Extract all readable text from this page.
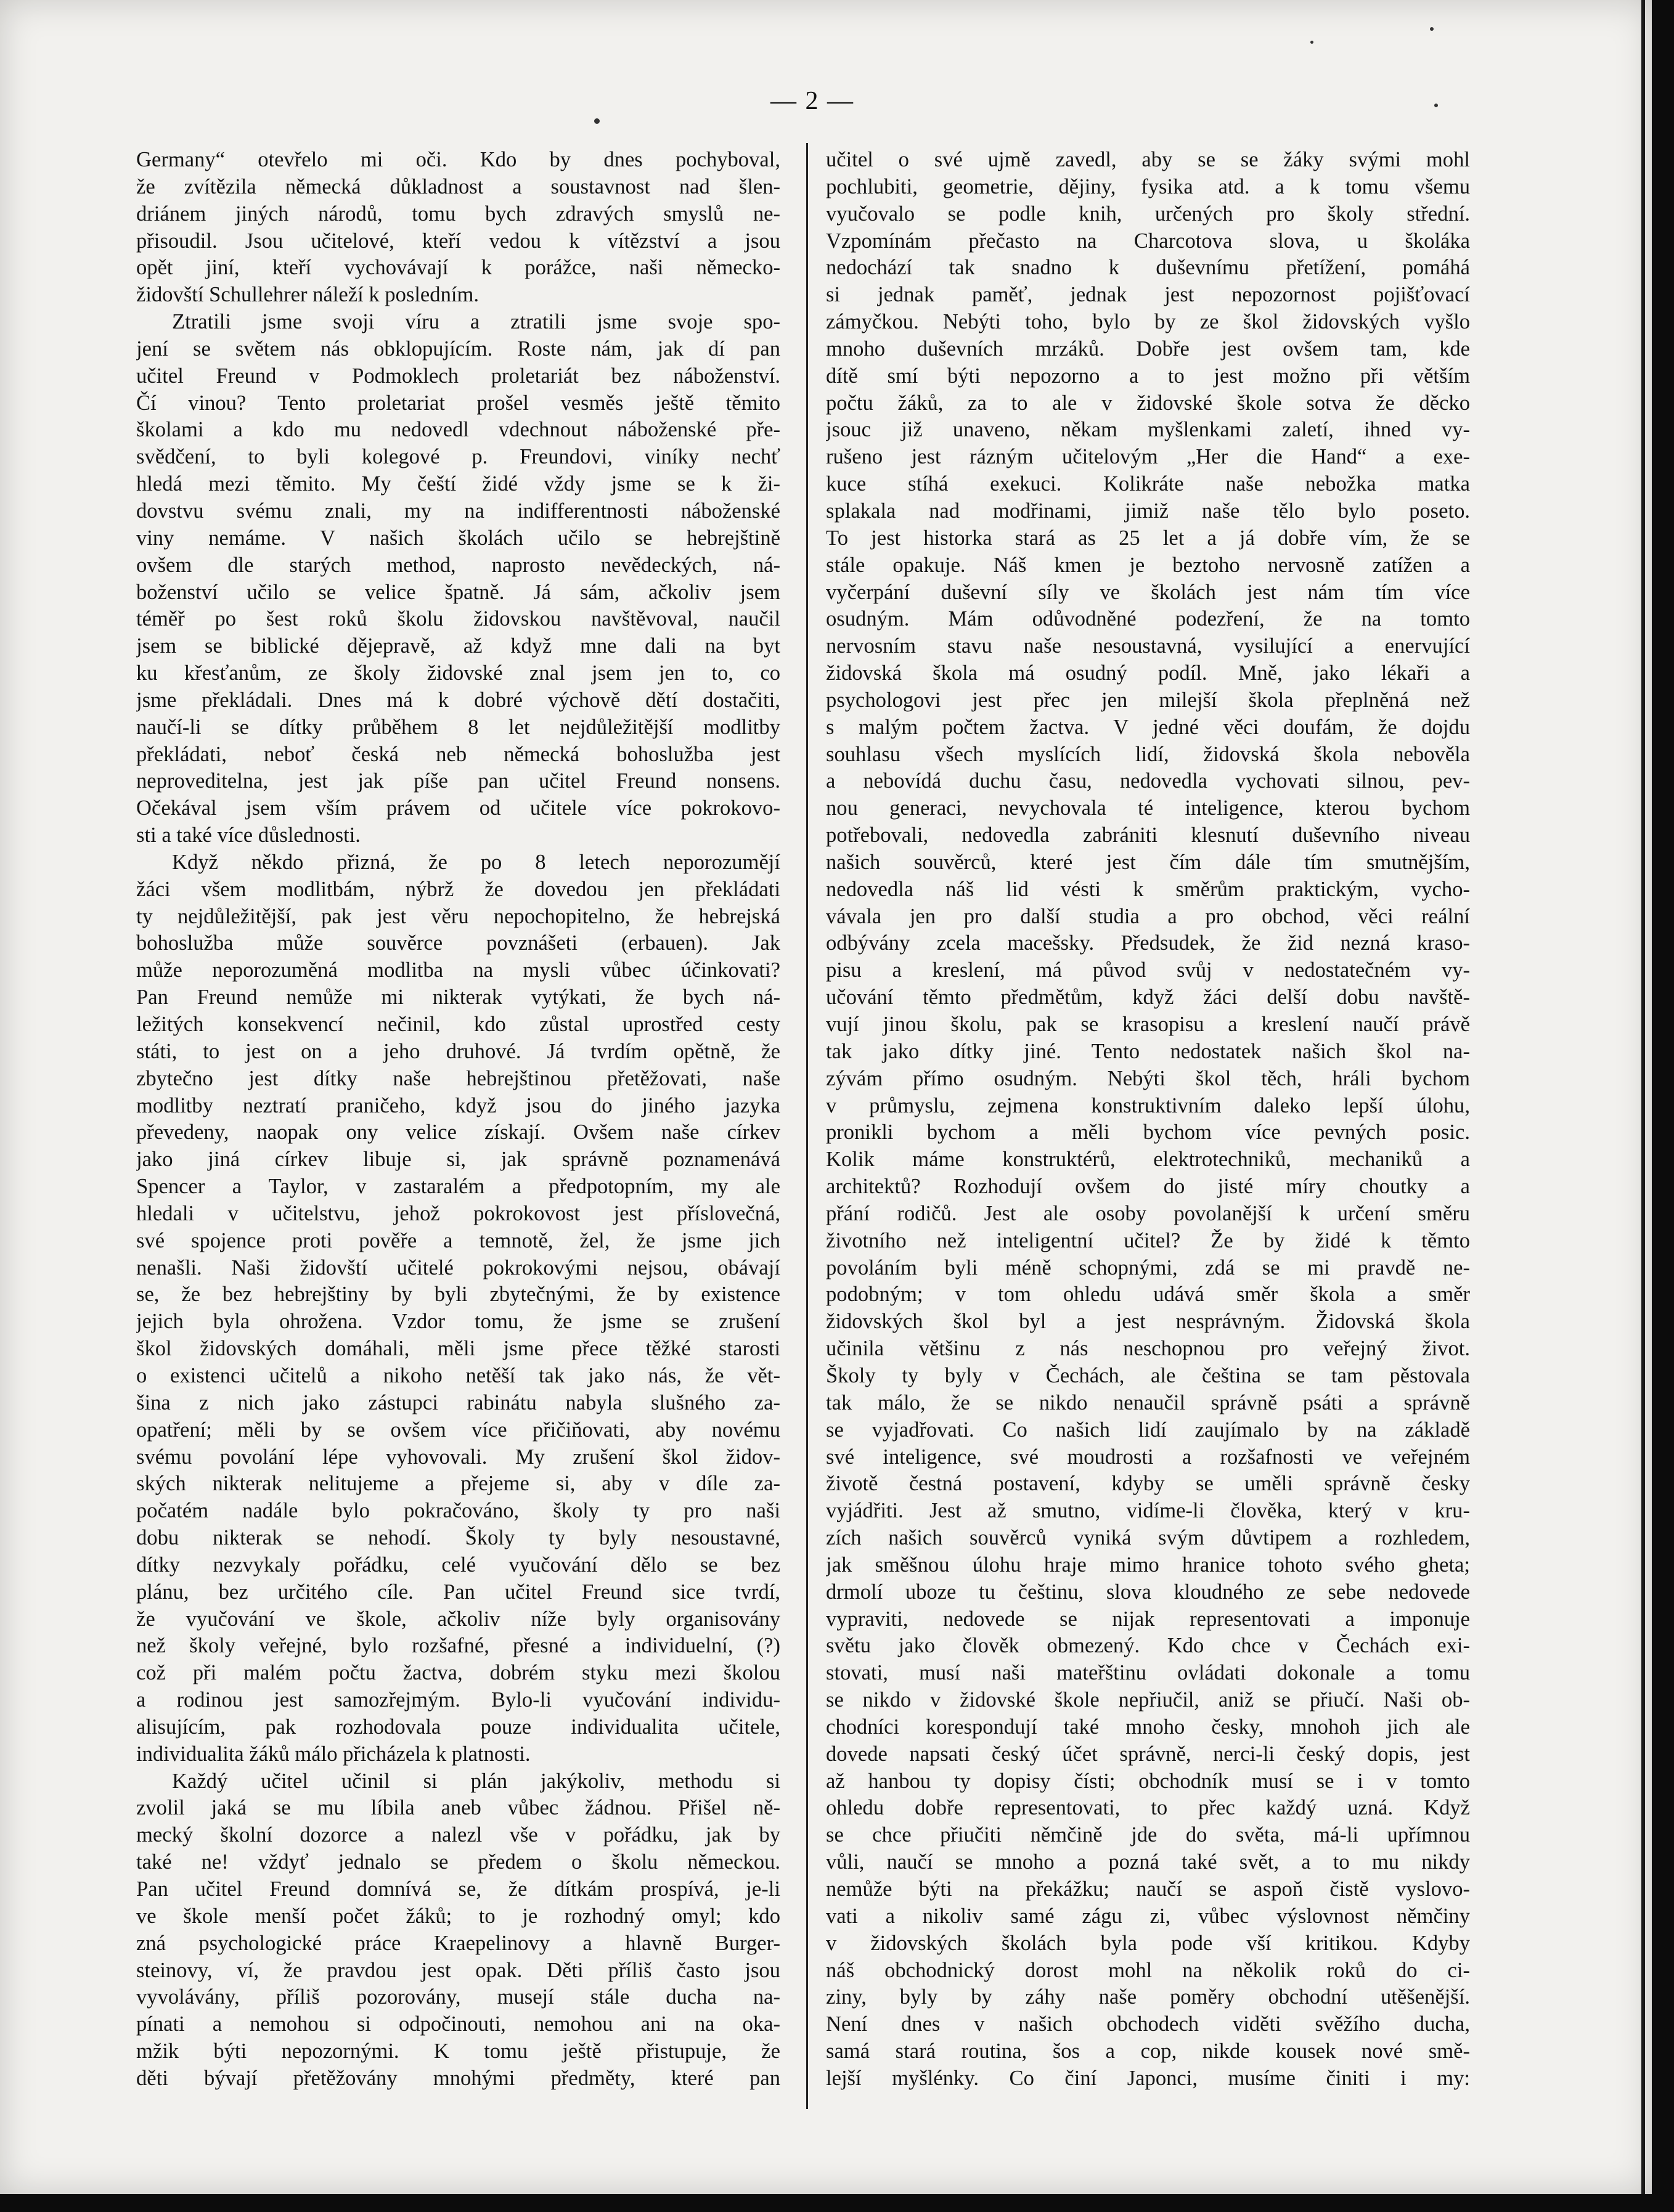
— 2 —
Germany“ otevřelo mi oči. Kdo by dnes pochyboval,
že zvítězila německá důkladnost a soustavnost nad šlen-
driánem jiných národů, tomu bych zdravých smyslů ne-
přisoudil. Jsou učitelové, kteří vedou k vítězství a jsou
opět jiní, kteří vychovávají k porážce, naši německo-
židovští Schullehrer náleží k posledním.
Ztratili jsme svoji víru a ztratili jsme svoje spo-
jení se světem nás obklopujícím. Roste nám, jak dí pan
učitel Freund v Podmoklech proletariát bez náboženství.
Čí vinou? Tento proletariat prošel vesměs ještě těmito
školami a kdo mu nedovedl vdechnout náboženské pře-
svědčení, to byli kolegové p. Freundovi, viníky nechť
hledá mezi těmito. My čeští židé vždy jsme se k ži-
dovstvu svému znali, my na indifferentnosti náboženské
viny nemáme. V našich školách učilo se hebrejštině
ovšem dle starých method, naprosto nevědeckých, ná-
boženství učilo se velice špatně. Já sám, ačkoliv jsem
téměř po šest roků školu židovskou navštěvoval, naučil
jsem se biblické dějepravě, až když mne dali na byt
ku křesťanům, ze školy židovské znal jsem jen to, co
jsme překládali. Dnes má k dobré výchově dětí dostačiti,
naučí-li se dítky průběhem 8 let nejdůležitější modlitby
překládati, neboť česká neb německá bohoslužba jest
neproveditelna, jest jak píše pan učitel Freund nonsens.
Očekával jsem vším právem od učitele více pokrokovo-
sti a také více důslednosti.
Když někdo přizná, že po 8 letech neporozumějí
žáci všem modlitbám, nýbrž že dovedou jen překládati
ty nejdůležitější, pak jest věru nepochopitelno, že hebrejská
bohoslužba může souvěrce povznášeti (erbauen). Jak
může neporozuměná modlitba na mysli vůbec účinkovati?
Pan Freund nemůže mi nikterak vytýkati, že bych ná-
ležitých konsekvencí nečinil, kdo zůstal uprostřed cesty
státi, to jest on a jeho druhové. Já tvrdím opětně, že
zbytečno jest dítky naše hebrejštinou přetěžovati, naše
modlitby neztratí praničeho, když jsou do jiného jazyka
převedeny, naopak ony velice získají. Ovšem naše církev
jako jiná církev libuje si, jak správně poznamenává
Spencer a Taylor, v zastaralém a předpotopním, my ale
hledali v učitelstvu, jehož pokrokovost jest příslovečná,
své spojence proti pověře a temnotě, žel, že jsme jich
nenašli. Naši židovští učitelé pokrokovými nejsou, obávají
se, že bez hebrejštiny by byli zbytečnými, že by existence
jejich byla ohrožena. Vzdor tomu, že jsme se zrušení
škol židovských domáhali, měli jsme přece těžké starosti
o existenci učitelů a nikoho netěší tak jako nás, že vět-
šina z nich jako zástupci rabinátu nabyla slušného za-
opatření; měli by se ovšem více přičiňovati, aby novému
svému povolání lépe vyhovovali. My zrušení škol židov-
ských nikterak nelitujeme a přejeme si, aby v díle za-
počatém nadále bylo pokračováno, školy ty pro naši
dobu nikterak se nehodí. Školy ty byly nesoustavné,
dítky nezvykaly pořádku, celé vyučování dělo se bez
plánu, bez určitého cíle. Pan učitel Freund sice tvrdí,
že vyučování ve škole, ačkoliv níže byly organisovány
než školy veřejné, bylo rozšafné, přesné a individuelní, (?)
což při malém počtu žactva, dobrém styku mezi školou
a rodinou jest samozřejmým. Bylo-li vyučování individu-
alisujícím, pak rozhodovala pouze individualita učitele,
individualita žáků málo přicházela k platnosti.
Každý učitel učinil si plán jakýkoliv, methodu si
zvolil jaká se mu líbila aneb vůbec žádnou. Přišel ně-
mecký školní dozorce a nalezl vše v pořádku, jak by
také ne! vždyť jednalo se předem o školu německou.
Pan učitel Freund domnívá se, že dítkám prospívá, je-li
ve škole menší počet žáků; to je rozhodný omyl; kdo
zná psychologické práce Kraepelinovy a hlavně Burger-
steinovy, ví, že pravdou jest opak. Děti příliš často jsou
vyvolávány, příliš pozorovány, musejí stále ducha na-
pínati a nemohou si odpočinouti, nemohou ani na oka-
mžik býti nepozornými. K tomu ještě přistupuje, že
děti bývají přetěžovány mnohými předměty, které pan
učitel o své ujmě zavedl, aby se se žáky svými mohl
pochlubiti, geometrie, dějiny, fysika atd. a k tomu všemu
vyučovalo se podle knih, určených pro školy střední.
Vzpomínám přečasto na Charcotova slova, u školáka
nedochází tak snadno k duševnímu přetížení, pomáhá
si jednak paměť, jednak jest nepozornost pojišťovací
zámyčkou. Nebýti toho, bylo by ze škol židovských vyšlo
mnoho duševních mrzáků. Dobře jest ovšem tam, kde
dítě smí býti nepozorno a to jest možno při větším
počtu žáků, za to ale v židovské škole sotva že děcko
jsouc již unaveno, někam myšlenkami zaletí, ihned vy-
rušeno jest rázným učitelovým „Her die Hand“ a exe-
kuce stíhá exekuci. Kolikráte naše nebožka matka
splakala nad modřinami, jimiž naše tělo bylo poseto.
To jest historka stará as 25 let a já dobře vím, že se
stále opakuje. Náš kmen je beztoho nervosně zatížen a
vyčerpání duševní síly ve školách jest nám tím více
osudným. Mám odůvodněné podezření, že na tomto
nervosním stavu naše nesoustavná, vysilující a enervující
židovská škola má osudný podíl. Mně, jako lékaři a
psychologovi jest přec jen milejší škola přeplněná než
s malým počtem žactva. V jedné věci doufám, že dojdu
souhlasu všech myslících lidí, židovská škola nebověla
a nebovídá duchu času, nedovedla vychovati silnou, pev-
nou generaci, nevychovala té inteligence, kterou bychom
potřebovali, nedovedla zabrániti klesnutí duševního niveau
našich souvěrců, které jest čím dále tím smutnějším,
nedovedla náš lid vésti k směrům praktickým, vycho-
vávala jen pro další studia a pro obchod, věci reální
odbývány zcela macešsky. Předsudek, že žid nezná kraso-
pisu a kreslení, má původ svůj v nedostatečném vy-
učování těmto předmětům, když žáci delší dobu navště-
vují jinou školu, pak se krasopisu a kreslení naučí právě
tak jako dítky jiné. Tento nedostatek našich škol na-
zývám přímo osudným. Nebýti škol těch, hráli bychom
v průmyslu, zejmena konstruktivním daleko lepší úlohu,
pronikli bychom a měli bychom více pevných posic.
Kolik máme konstruktérů, elektrotechniků, mechaniků a
architektů? Rozhodují ovšem do jisté míry choutky a
přání rodičů. Jest ale osoby povolanější k určení směru
životního než inteligentní učitel? Že by židé k těmto
povoláním byli méně schopnými, zdá se mi pravdě ne-
podobným; v tom ohledu udává směr škola a směr
židovských škol byl a jest nesprávným. Židovská škola
učinila většinu z nás neschopnou pro veřejný život.
Školy ty byly v Čechách, ale čeština se tam pěstovala
tak málo, že se nikdo nenaučil správně psáti a správně
se vyjadřovati. Co našich lidí zaujímalo by na základě
své inteligence, své moudrosti a rozšafnosti ve veřejném
životě čestná postavení, kdyby se uměli správně česky
vyjádřiti. Jest až smutno, vidíme-li člověka, který v kru-
zích našich souvěrců vyniká svým důvtipem a rozhledem,
jak směšnou úlohu hraje mimo hranice tohoto svého gheta;
drmolí uboze tu češtinu, slova kloudného ze sebe nedovede
vypraviti, nedovede se nijak representovati a imponuje
světu jako člověk obmezený. Kdo chce v Čechách exi-
stovati, musí naši mateřštinu ovládati dokonale a tomu
se nikdo v židovské škole nepřiučil, aniž se přiučí. Naši ob-
chodníci korespondují také mnoho česky, mnohoh jich ale
dovede napsati český účet správně, nerci-li český dopis, jest
až hanbou ty dopisy čísti; obchodník musí se i v tomto
ohledu dobře representovati, to přec každý uzná. Když
se chce přiučiti němčině jde do světa, má-li upřímnou
vůli, naučí se mnoho a pozná také svět, a to mu nikdy
nemůže býti na překážku; naučí se aspoň čistě vyslovo-
vati a nikoliv samé zágu zi, vůbec výslovnost němčiny
v židovských školách byla pode vší kritikou. Kdyby
náš obchodnický dorost mohl na několik roků do ci-
ziny, byly by záhy naše poměry obchodní utěšenější.
Není dnes v našich obchodech viděti svěžího ducha,
samá stará routina, šos a cop, nikde kousek nové smě-
lejší myšlénky. Co činí Japonci, musíme činiti i my:
